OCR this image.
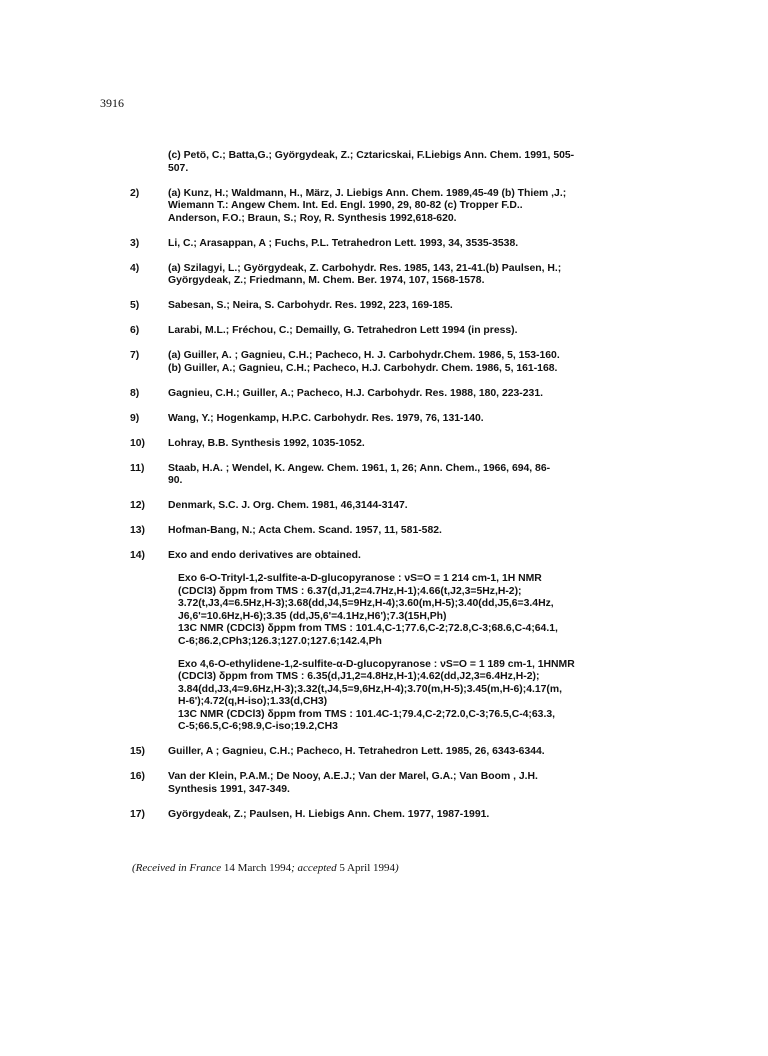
3916
(c) Petö, C.; Batta,G.; Györgydeak, Z.; Cztaricskai, F.Liebigs Ann. Chem. 1991, 505-
507.
2)	(a) Kunz, H.; Waldmann, H., März, J. Liebigs Ann. Chem. 1989,45-49 (b) Thiem ,J.;
Wiemann T.: Angew Chem. Int. Ed. Engl. 1990, 29, 80-82 (c) Tropper F.D..
Anderson, F.O.; Braun, S.; Roy, R. Synthesis 1992,618-620.
3)	Li, C.; Arasappan, A ; Fuchs, P.L. Tetrahedron Lett. 1993, 34, 3535-3538.
4)	(a) Szilagyi, L.; Györgydeak, Z. Carbohydr. Res. 1985, 143, 21-41.(b) Paulsen, H.;
Györgydeak, Z.; Friedmann, M. Chem. Ber. 1974, 107, 1568-1578.
5)	Sabesan, S.; Neira, S. Carbohydr. Res. 1992, 223, 169-185.
6)	Larabi, M.L.; Fréchou, C.; Demailly, G. Tetrahedron Lett 1994 (in press).
7)	(a) Guiller, A. ; Gagnieu, C.H.; Pacheco, H. J. Carbohydr.Chem. 1986, 5, 153-160.
(b) Guiller, A.; Gagnieu, C.H.; Pacheco, H.J. Carbohydr. Chem. 1986, 5, 161-168.
8)	Gagnieu, C.H.; Guiller, A.; Pacheco, H.J. Carbohydr. Res. 1988, 180, 223-231.
9)	Wang, Y.; Hogenkamp, H.P.C. Carbohydr. Res. 1979, 76, 131-140.
10) Lohray, B.B. Synthesis 1992, 1035-1052.
11) Staab, H.A. ; Wendel, K. Angew. Chem. 1961, 1, 26; Ann. Chem., 1966, 694, 86-
90.
12) Denmark, S.C. J. Org. Chem. 1981, 46,3144-3147.
13) Hofman-Bang, N.; Acta Chem. Scand. 1957, 11, 581-582.
14) Exo and endo derivatives are obtained.

Exo 6-O-Trityl-1,2-sulfite-a-D-glucopyranose : νS=O = 1 214 cm-1, 1H NMR
(CDCl3) δppm from TMS : 6.37(d,J1,2=4.7Hz,H-1);4.66(t,J2,3=5Hz,H-2);
3.72(t,J3,4=6.5Hz,H-3);3.68(dd,J4,5=9Hz,H-4);3.60(m,H-5);3.40(dd,J5,6=3.4Hz,
J6,6'=10.6Hz,H-6);3.35 (dd,J5,6'=4.1Hz,H6');7.3(15H,Ph)
13C NMR (CDCl3) δppm from TMS : 101.4,C-1;77.6,C-2;72.8,C-3;68.6,C-4;64.1,
C-6;86.2,CPh3;126.3;127.0;127.6;142.4,Ph

Exo 4,6-O-ethylidene-1,2-sulfite-α-D-glucopyranose : νS=O = 1 189 cm-1, 1HNMR
(CDCl3) δppm from TMS : 6.35(d,J1,2=4.8Hz,H-1);4.62(dd,J2,3=6.4Hz,H-2);
3.84(dd,J3,4=9.6Hz,H-3);3.32(t,J4,5=9,6Hz,H-4);3.70(m,H-5);3.45(m,H-6);4.17(m,
H-6');4.72(q,H-iso);1.33(d,CH3)
13C NMR (CDCl3) δppm from TMS : 101.4C-1;79.4,C-2;72.0,C-3;76.5,C-4;63.3,
C-5;66.5,C-6;98.9,C-iso;19.2,CH3

15) Guiller, A ; Gagnieu, C.H.; Pacheco, H. Tetrahedron Lett. 1985, 26, 6343-6344.
16) Van der Klein, P.A.M.; De Nooy, A.E.J.; Van der Marel, G.A.; Van Boom , J.H.
Synthesis 1991, 347-349.
17) Györgydeak, Z.; Paulsen, H. Liebigs Ann. Chem. 1977, 1987-1991.
(Received in France 14 March 1994; accepted 5 April 1994)
